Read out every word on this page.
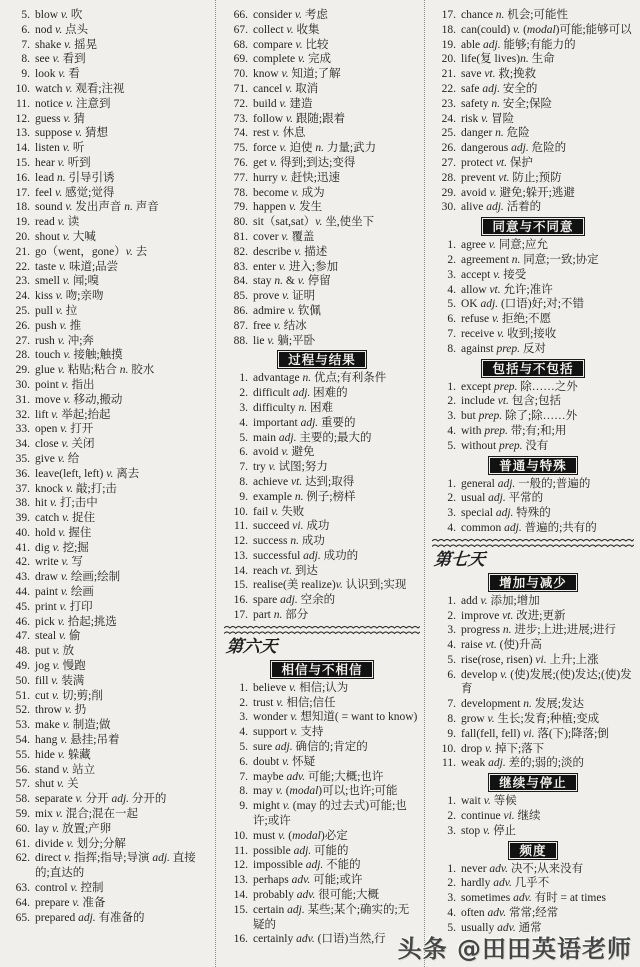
5. blow v. 吹
6. nod v. 点头
7. shake v. 摇晃
8. see v. 看到
9. look v. 看
10. watch v. 观看;注视
11. notice v. 注意到
12. guess v. 猜
13. suppose v. 猜想
14. listen v. 听
15. hear v. 听到
16. lead n. 引导引诱
17. feel v. 感觉;觉得
18. sound v. 发出声音 n. 声音
19. read v. 读
20. shout v. 大喊
21. go（went，gone）v. 去
22. taste v. 味道;品尝
23. smell v. 闻;嗅
24. kiss v. 吻;亲吻
25. pull v. 拉
26. push v. 推
27. rush v. 冲;奔
28. touch v. 接触;触摸
29. glue v. 粘贴;粘合 n. 胶水
30. point v. 指出
31. move v. 移动,搬动
32. lift v. 举起;抬起
33. open v. 打开
34. close v. 关闭
35. give v. 给
36. leave(left, left) v. 离去
37. knock v. 敲;打;击
38. hit v. 打;击中
39. catch v. 捉住
40. hold v. 握住
41. dig v. 挖;掘
42. write v. 写
43. draw v. 绘画;绘制
44. paint v. 绘画
45. print v. 打印
46. pick v. 拾起;挑选
47. steal v. 偷
48. put v. 放
49. jog v. 慢跑
50. fill v. 装满
51. cut v. 切;剪;削
52. throw v. 扔
53. make v. 制造;做
54. hang v. 悬挂;吊着
55. hide v. 躲藏
56. stand v. 站立
57. shut v. 关
58. separate v. 分开 adj. 分开的
59. mix v. 混合;混在一起
60. lay v. 放置;产卵
61. divide v. 划分;分解
62. direct v. 指挥;指导;导演 adj. 直接的;直达的
63. control v. 控制
64. prepare v. 准备
65. prepared adj. 有准备的
66. consider v. 考虑
67. collect v. 收集
68. compare v. 比较
69. complete v. 完成
70. know v. 知道;了解
71. cancel v. 取消
72. build v. 建造
73. follow v. 跟随;跟着
74. rest v. 休息
75. force v. 迫使 n. 力量;武力
76. get v. 得到;到达;变得
77. hurry v. 赶快;迅速
78. become v. 成为
79. happen v. 发生
80. sit（sat,sat）v. 坐,使坐下
81. cover v. 覆盖
82. describe v. 描述
83. enter v. 进入;参加
84. stay n. & v. 停留
85. prove v. 证明
86. admire v. 钦佩
87. free v. 结冰
88. lie v. 躺;平卧
过程与结果
1. advantage n. 优点;有利条件
2. difficult adj. 困难的
3. difficulty n. 困难
4. important adj. 重要的
5. main adj. 主要的;最大的
6. avoid v. 避免
7. try v. 试图;努力
8. achieve vt. 达到;取得
9. example n. 例子;榜样
10. fail v. 失败
11. succeed vi. 成功
12. success n. 成功
13. successful adj. 成功的
14. reach vt. 到达
15. realise(美 realize)v. 认识到;实现
16. spare adj. 空余的
17. part n. 部分
第六天
相信与不相信
1. believe v. 相信;认为
2. trust v. 相信;信任
3. wonder v. 想知道( = want to know)
4. support v. 支持
5. sure adj. 确信的;肯定的
6. doubt v. 怀疑
7. maybe adv. 可能;大概;也许
8. may v. (modal)可以;也许;可能
9. might v. (may 的过去式)可能;也许;或许
10. must v. (modal)必定
11. possible adj. 可能的
12. impossible adj. 不能的
13. perhaps adv. 可能;或许
14. probably adv. 很可能;大概
15. certain adj. 某些;某个;确实的;无疑的
16. certainly adv. (口语)当然,行
17. chance n. 机会;可能性
18. can(could) v. (modal)可能;能够可以
19. able adj. 能够;有能力的
20. life(复 lives)n. 生命
21. save vt. 救;挽救
22. safe adj. 安全的
23. safety n. 安全;保险
24. risk v. 冒险
25. danger n. 危险
26. dangerous adj. 危险的
27. protect vt. 保护
28. prevent vt. 防止;预防
29. avoid v. 避免;躲开;逃避
30. alive adj. 活着的
同意与不同意
1. agree v. 同意;应允
2. agreement n. 同意;一致;协定
3. accept v. 接受
4. allow vt. 允许;准许
5. OK adj. (口语)好;对;不错
6. refuse v. 拒绝;不愿
7. receive v. 收到;接收
8. against prep. 反对
包括与不包括
1. except prep. 除……之外
2. include vt. 包含;包括
3. but prep. 除了;除……外
4. with prep. 带;有;和;用
5. without prep. 没有
普通与特殊
1. general adj. 一般的;普遍的
2. usual adj. 平常的
3. special adj. 特殊的
4. common adj. 普遍的;共有的
第七天
增加与减少
1. add v. 添加;增加
2. improve vt. 改进;更新
3. progress n. 进步;上进;进展;进行
4. raise vt. (使)升高
5. rise(rose, risen) vi. 上升;上涨
6. develop v. (使)发展;(使)发达;(使)发育
7. development n. 发展;发达
8. grow v. 生长;发育;种植;变成
9. fall(fell, fell) vi. 落(下);降落;倒
10. drop v. 掉下;落下
11. weak adj. 差的;弱的;淡的
继续与停止
1. wait v. 等候
2. continue vi. 继续
3. stop v. 停止
频度
1. never adv. 决不;从来没有
2. hardly adv. 几乎不
3. sometimes adv. 有时 = at times
4. often adv. 常常;经常
5. usually adv. 通常
头条 @田田英语老师
